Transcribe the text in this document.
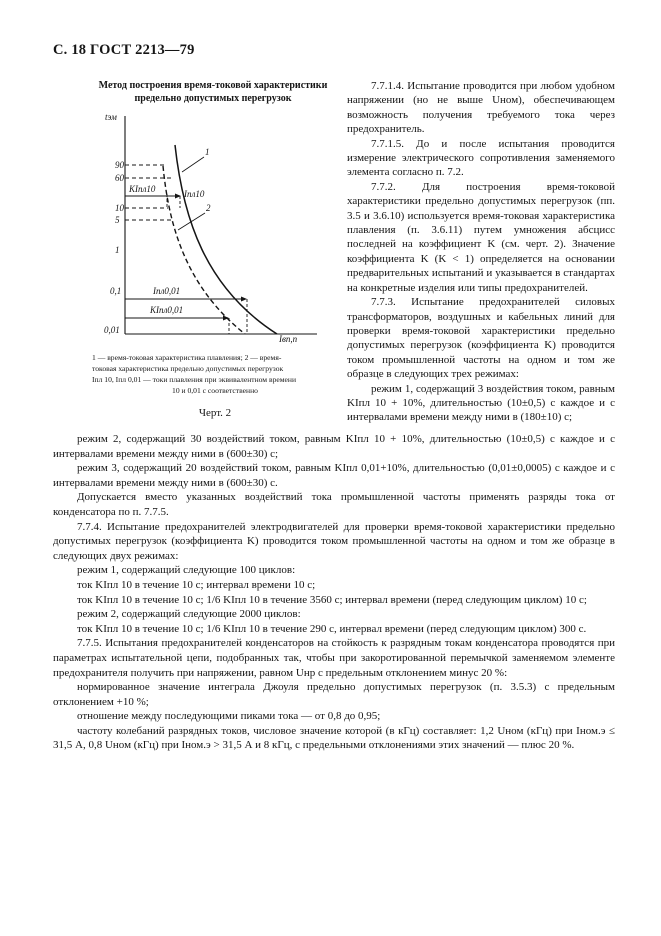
С. 18 ГОСТ 2213—79
Метод построения время-токовой характеристики
предельно допустимых перегрузок
tэм
Iвп,п
90
60
10
5
1
0,1
0,01
1
2
Iпл10
KIпл10
Iпл0,01
KIпл0,01
1 — время-токовая характеристика плавления; 2 — время-
токовая характеристика предельно допустимых перегрузок
Iпл 10, Iпл 0,01 — токи плавления при эквивалентном времени
10 и 0,01 с соответственно
Черт. 2

7.7.1.4. Испытание проводится при любом удобном напряжении (но не выше Uном), обеспечивающем возможность получения требуемого тока через предохранитель.

7.7.1.5. До и после испытания проводится измерение электрического сопротивления заменяемого элемента согласно п. 7.2.

7.7.2. Для построения время-токовой характеристики предельно допустимых перегрузок (пп. 3.5 и 3.6.10) используется время-токовая характеристика плавления (п. 3.6.11) путем умножения абсцисс последней на коэффициент K (см. черт. 2). Значение коэффициента K (K < 1) определяется на основании предварительных испытаний и указывается в стандартах на конкретные изделия или типы предохранителей.

7.7.3. Испытание предохранителей силовых трансформаторов, воздушных и кабельных линий для проверки время-токовой характеристики предельно допустимых перегрузок (коэффициента K) проводится током промышленной частоты на одном и том же образце в следующих трех режимах:

режим 1, содержащий 3 воздействия током, равным KIпл 10 + 10%, длительностью (10±0,5) с каждое и с интервалами времени между ними в (180±10) с;

режим 2, содержащий 30 воздействий током, равным KIпл 10 + 10%, длительностью (10±0,5) с каждое и с интервалами времени между ними в (600±30) с;

режим 3, содержащий 20 воздействий током, равным KIпл 0,01+10%, длительностью (0,01±0,0005) с каждое и с интервалами времени между ними в (600±30) с.

Допускается вместо указанных воздействий тока промышленной частоты применять разряды тока от конденсатора по п. 7.7.5.

7.7.4. Испытание предохранителей электродвигателей для проверки время-токовой характеристики предельно допустимых перегрузок (коэффициента K) проводится током промышленной частоты на одном и том же образце в следующих двух режимах:

режим 1, содержащий следующие 100 циклов:

ток KIпл 10 в течение 10 с; интервал времени 10 с;

ток KIпл 10 в течение 10 с; 1/6 KIпл 10 в течение 3560 с; интервал времени (перед следующим циклом) 10 с;

режим 2, содержащий следующие 2000 циклов:

ток KIпл 10 в течение 10 с; 1/6 KIпл 10 в течение 290 с, интервал времени (перед следующим циклом) 300 с.

7.7.5. Испытания предохранителей конденсаторов на стойкость к разрядным токам конденсатора проводятся при параметрах испытательной цепи, подобранных так, чтобы при закоротированной перемычкой заменяемом элементе предохранителя получить при напряжении, равном Uнр с предельным отклонением минус 20 %:

нормированное значение интеграла Джоуля предельно допустимых перегрузок (п. 3.5.3) с предельным отклонением +10 %;

отношение между последующими пиками тока — от 0,8 до 0,95;

частоту колебаний разрядных токов, числовое значение которой (в кГц) составляет: 1,2 Uном (кГц) при Iном.э ≤ 31,5 А, 0,8 Uном (кГц) при Iном.э > 31,5 А и 8 кГц, с предельными отклонениями этих значений — плюс 20 %.
